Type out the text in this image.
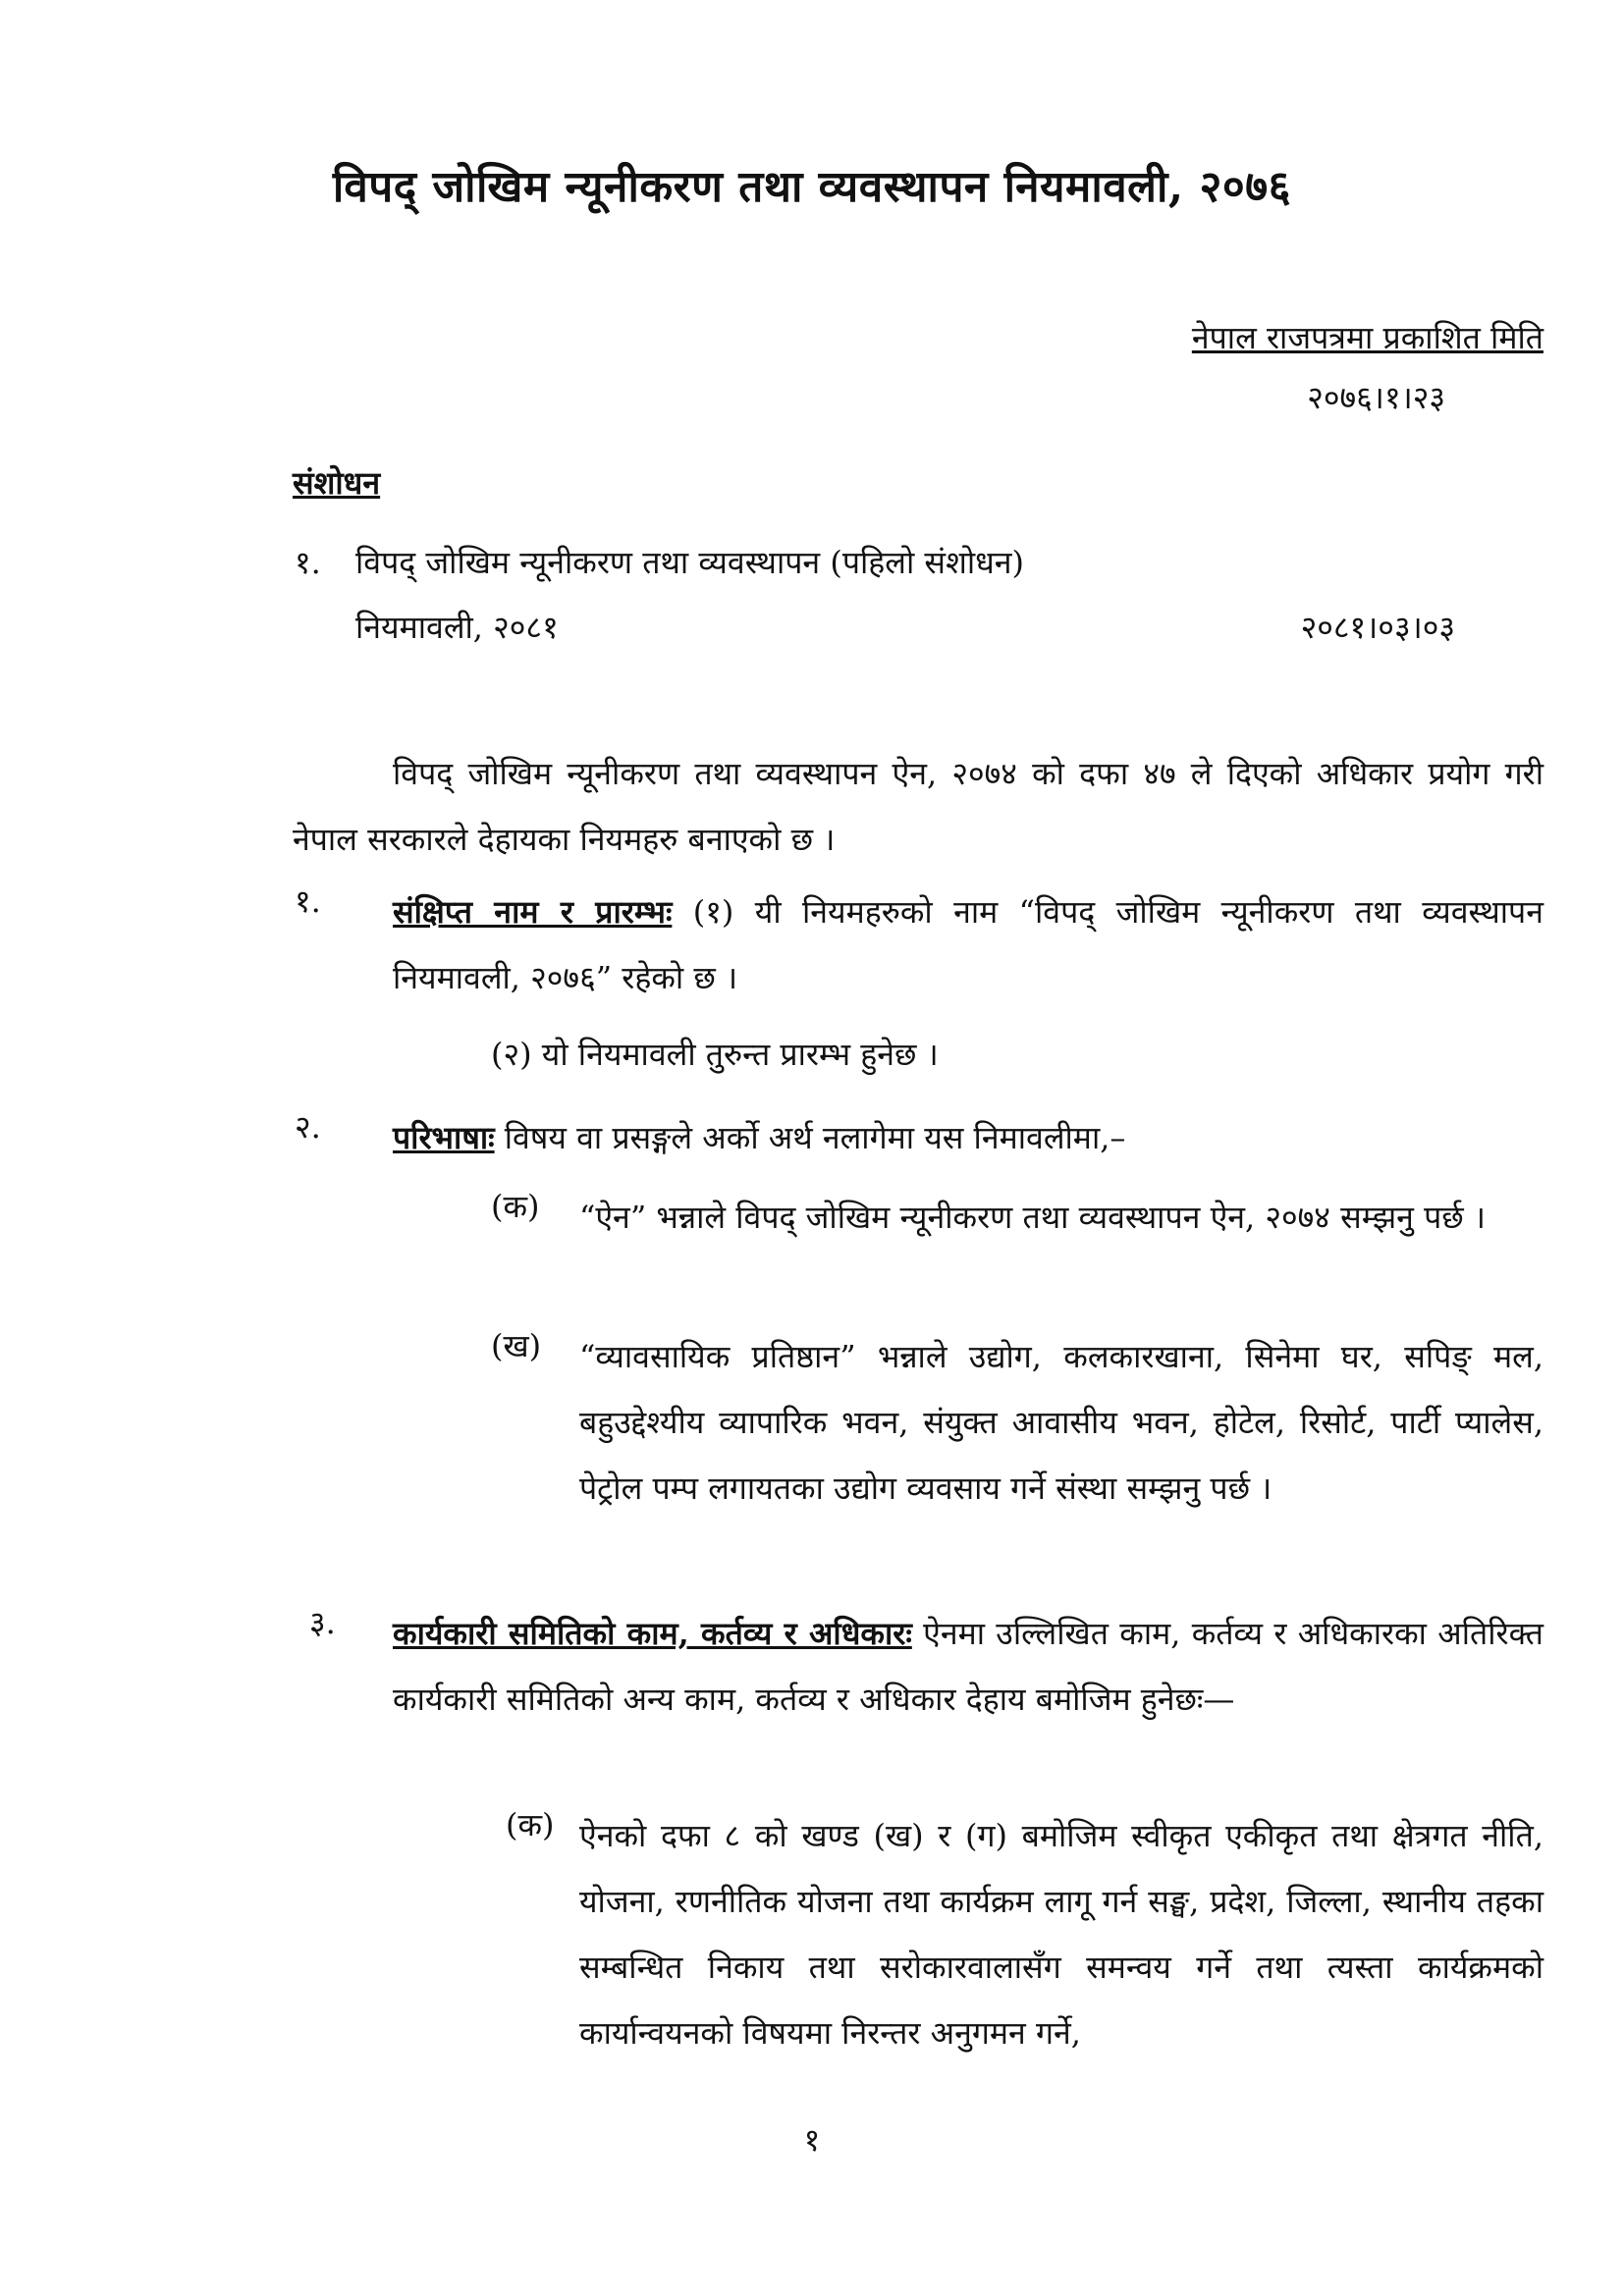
विपद् जोखिम न्यूनीकरण तथा व्यवस्थापन नियमावली, २०७६
नेपाल राजपत्रमा प्रकाशित मिति
२०७६।१।२३
संशोधन
१. विपद् जोखिम न्यूनीकरण तथा व्यवस्थापन (पहिलो संशोधन)
नियमावली, २०८१	२०८१।०३।०३
विपद् जोखिम न्यूनीकरण तथा व्यवस्थापन ऐन, २०७४ को दफा ४७ ले दिएको अधिकार प्रयोग गरी नेपाल सरकारले देहायका नियमहरु बनाएको छ ।
१. संक्षिप्त नाम र प्रारम्भः (१) यी नियमहरुको नाम “विपद् जोखिम न्यूनीकरण तथा व्यवस्थापन नियमावली, २०७६” रहेको छ ।
(२) यो नियमावली तुरुन्त प्रारम्भ हुनेछ ।
२. परिभाषाः विषय वा प्रसङ्गले अर्को अर्थ नलागेमा यस निमावलीमा,–
(क) “ऐन” भन्नाले विपद् जोखिम न्यूनीकरण तथा व्यवस्थापन ऐन, २०७४ सम्झनु पर्छ ।
(ख) “व्यावसायिक प्रतिष्ठान” भन्नाले उद्योग, कलकारखाना, सिनेमा घर, सपिङ् मल, बहुउद्देश्यीय व्यापारिक भवन, संयुक्त आवासीय भवन, होटेल, रिसोर्ट, पार्टी प्यालेस, पेट्रोल पम्प लगायतका उद्योग व्यवसाय गर्ने संस्था सम्झनु पर्छ ।
३. कार्यकारी समितिको काम, कर्तव्य र अधिकारः ऐनमा उल्लिखित काम, कर्तव्य र अधिकारका अतिरिक्त कार्यकारी समितिको अन्य काम, कर्तव्य र अधिकार देहाय बमोजिम हुनेछः—
(क) ऐनको दफा ८ को खण्ड (ख) र (ग) बमोजिम स्वीकृत एकीकृत तथा क्षेत्रगत नीति, योजना, रणनीतिक योजना तथा कार्यक्रम लागू गर्न सङ्घ, प्रदेश, जिल्ला, स्थानीय तहका सम्बन्धित निकाय तथा सरोकारवालासँग समन्वय गर्ने तथा त्यस्ता कार्यक्रमको कार्यान्वयनको विषयमा निरन्तर अनुगमन गर्ने,
१
